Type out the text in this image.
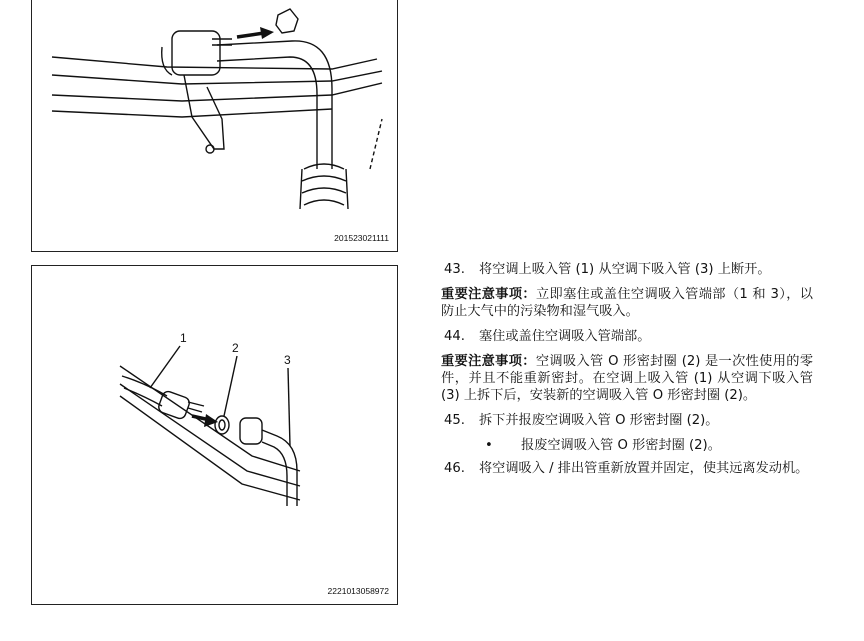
201523021111
1
2
3
2221013058972
43.	将空调上吸入管 (1) 从空调下吸入管 (3) 上断开。
重要注意事项：立即塞住或盖住空调吸入管端部（1 和 3），以防止大气中的污染物和湿气吸入。
44.	塞住或盖住空调吸入管端部。
重要注意事项：空调吸入管 O 形密封圈 (2) 是一次性使用的零件，并且不能重新密封。在空调上吸入管 (1) 从空调下吸入管 (3) 上拆下后，安装新的空调吸入管 O 形密封圈 (2)。
45.	拆下并报废空调吸入管 O 形密封圈 (2)。
•	报废空调吸入管 O 形密封圈 (2)。
46.	将空调吸入 / 排出管重新放置并固定，使其远离发动机。
